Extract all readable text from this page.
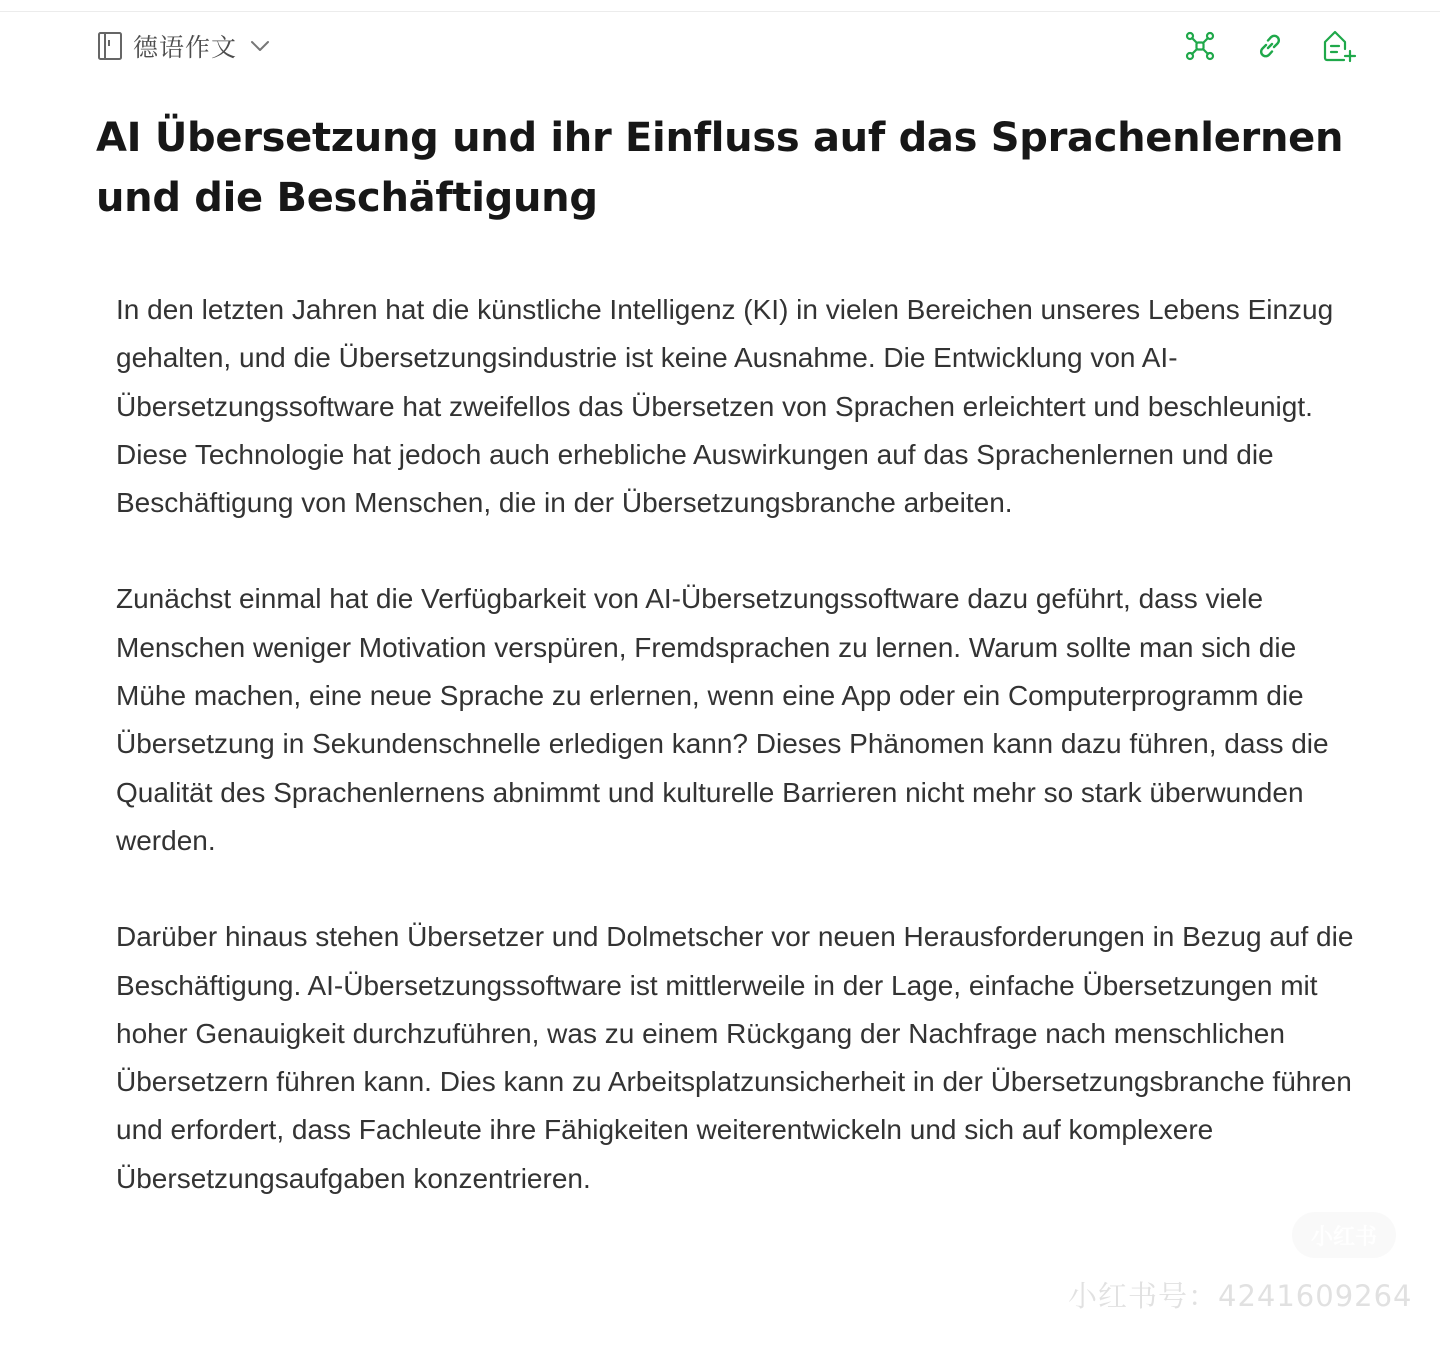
德语作文
AI Übersetzung und ihr Einfluss auf das Sprachenlernen und die Beschäftigung

In den letzten Jahren hat die künstliche Intelligenz (KI) in vielen Bereichen unseres Lebens Einzug gehalten, und die Übersetzungsindustrie ist keine Ausnahme. Die Entwicklung von AI-Übersetzungssoftware hat zweifellos das Übersetzen von Sprachen erleichtert und beschleunigt. Diese Technologie hat jedoch auch erhebliche Auswirkungen auf das Sprachenlernen und die Beschäftigung von Menschen, die in der Übersetzungsbranche arbeiten.

Zunächst einmal hat die Verfügbarkeit von AI-Übersetzungssoftware dazu geführt, dass viele Menschen weniger Motivation verspüren, Fremdsprachen zu lernen. Warum sollte man sich die Mühe machen, eine neue Sprache zu erlernen, wenn eine App oder ein Computerprogramm die Übersetzung in Sekundenschnelle erledigen kann? Dieses Phänomen kann dazu führen, dass die Qualität des Sprachenlernens abnimmt und kulturelle Barrieren nicht mehr so stark überwunden werden.

Darüber hinaus stehen Übersetzer und Dolmetscher vor neuen Herausforderungen in Bezug auf die Beschäftigung. AI-Übersetzungssoftware ist mittlerweile in der Lage, einfache Übersetzungen mit hoher Genauigkeit durchzuführen, was zu einem Rückgang der Nachfrage nach menschlichen Übersetzern führen kann. Dies kann zu Arbeitsplatzunsicherheit in der Übersetzungsbranche führen und erfordert, dass Fachleute ihre Fähigkeiten weiterentwickeln und sich auf komplexere Übersetzungsaufgaben konzentrieren.

小红书
小红书号：4241609264
